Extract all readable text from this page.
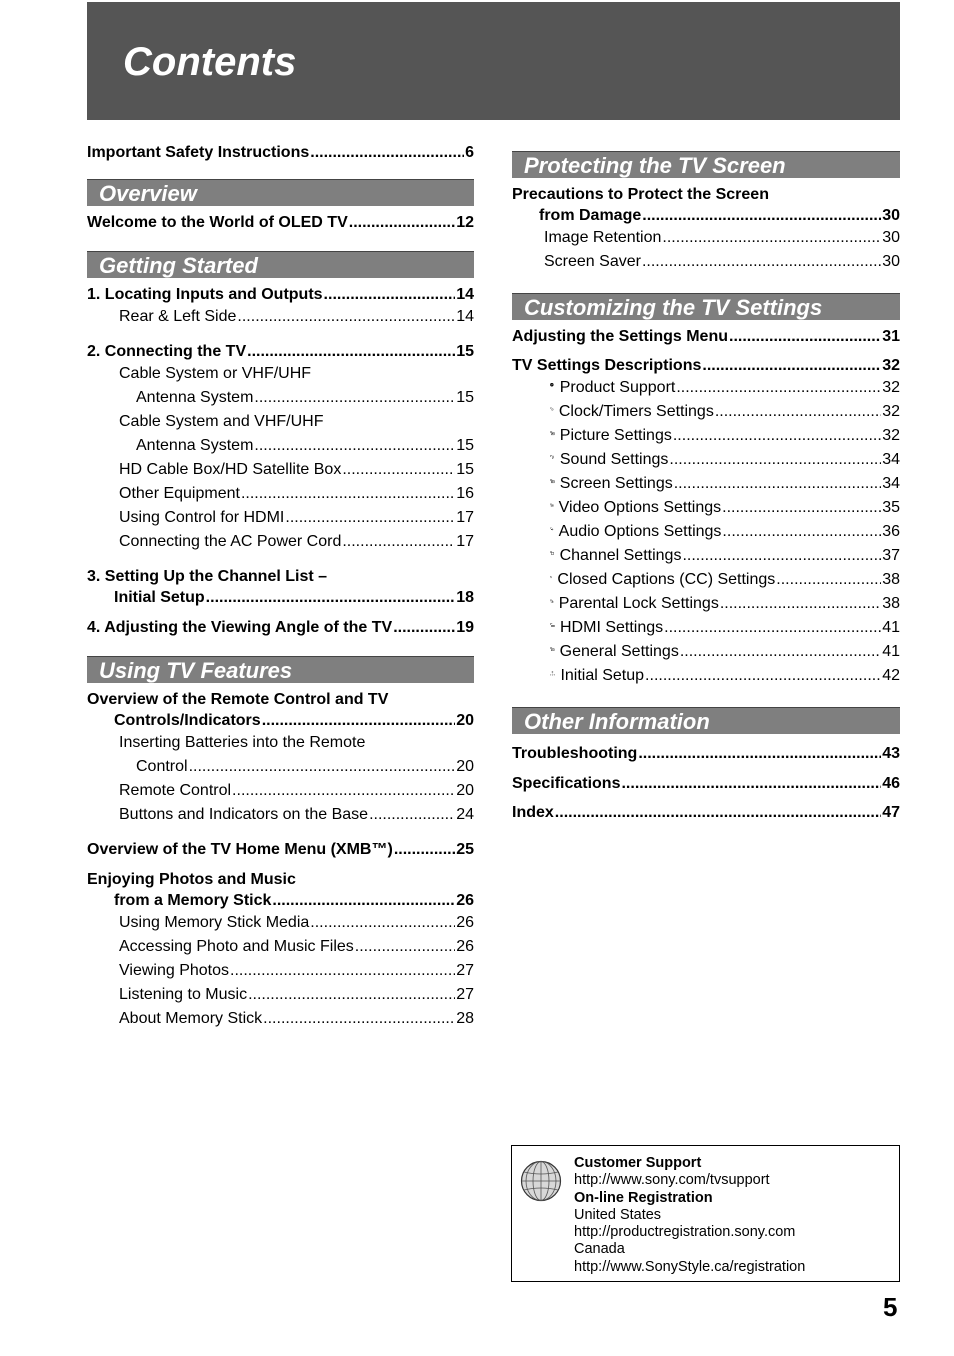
Contents
Important Safety Instructions .....	6
Overview
Welcome to the World of OLED TV .....	12
Getting Started
1. Locating Inputs and Outputs .....	14
Rear & Left Side .....	14
2. Connecting the TV .....	15
Cable System or VHF/UHF
Antenna System .....	15
Cable System and VHF/UHF
Antenna System .....	15
HD Cable Box/HD Satellite Box .....	15
Other Equipment .....	16
Using Control for HDMI .....	17
Connecting the AC Power Cord .....	17
3. Setting Up the Channel List –
Initial Setup .....	18
4. Adjusting the Viewing Angle of the TV .....	19
Using TV Features
Overview of the Remote Control and TV
Controls/Indicators .....	20
Inserting Batteries into the Remote
Control .....	20
Remote Control .....	20
Buttons and Indicators on the Base .....	24
Overview of the TV Home Menu (XMB™) .....	25
Enjoying Photos and Music
from a Memory Stick .....	26
Using Memory Stick Media .....	26
Accessing Photo and Music Files .....	26
Viewing Photos .....	27
Listening to Music .....	27
About Memory Stick .....	28
Protecting the TV Screen
Precautions to Protect the Screen
from Damage .....	30
Image Retention .....	30
Screen Saver .....	30
Customizing the TV Settings
Adjusting the Settings Menu .....	31
TV Settings Descriptions .....	32
Product Support .....	32
Clock/Timers Settings .....	32
Picture Settings .....	32
Sound Settings .....	34
Screen Settings .....	34
Video Options Settings .....	35
Audio Options Settings .....	36
Channel Settings .....	37
Closed Captions (CC) Settings .....	38
Parental Lock Settings .....	38
HDMI Settings .....	41
General Settings .....	41
1·2·3 Initial Setup .....	42
Other Information
Troubleshooting .....	43
Specifications .....	46
Index .....	47
Customer Support
http://www.sony.com/tvsupport
On-line Registration
United States
http://productregistration.sony.com
Canada
http://www.SonyStyle.ca/registration
5
